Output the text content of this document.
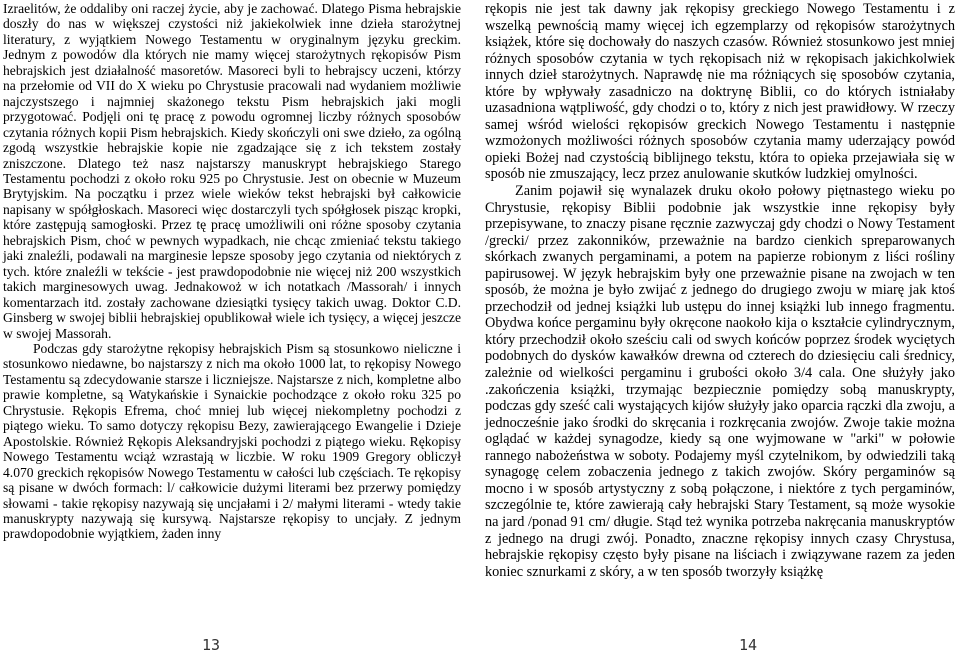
Izraelitów, że oddaliby oni raczej życie, aby je zachować. Dlatego Pisma hebrajskie doszły do nas w większej czystości niż jakiekolwiek inne dzieła starożytnej literatury, z wyjątkiem Nowego Testamentu w oryginalnym języku greckim. Jednym z powodów dla których nie mamy więcej starożytnych rękopisów Pism hebrajskich jest działalność masoretów. Masoreci byli to hebrajscy uczeni, którzy na przełomie od VII do X wieku po Chrystusie pracowali nad wydaniem możliwie najczystszego i najmniej skażonego tekstu Pism hebrajskich jaki mogli przygotować. Podjęli oni tę pracę z powodu ogromnej liczby różnych sposobów czytania różnych kopii Pism hebrajskich. Kiedy skończyli oni swe dzieło, za ogólną zgodą wszystkie hebrajskie kopie nie zgadzające się z ich tekstem zostały zniszczone. Dlatego też nasz najstarszy manuskrypt hebrajskiego Starego Testamentu pochodzi z około roku 925 po Chrystusie. Jest on obecnie w Muzeum Brytyjskim. Na początku i przez wiele wieków tekst hebrajski był całkowicie napisany w spółgłoskach. Masoreci więc dostarczyli tych spółgłosek pisząc kropki, które zastępują samogłoski. Przez tę pracę umożliwili oni różne sposoby czytania hebrajskich Pism, choć w pewnych wypadkach, nie chcąc zmieniać tekstu takiego jaki znaleźli, podawali na marginesie lepsze sposoby jego czytania od niektórych z tych. które znaleźli w tekście - jest prawdopodobnie nie więcej niż 200 wszystkich takich marginesowych uwag. Jednakowoż w ich notatkach /Massorah/ i innych komentarzach itd. zostały zachowane dziesiątki tysięcy takich uwag. Doktor C.D. Ginsberg w swojej biblii hebrajskiej opublikował wiele ich tysięcy, a więcej jeszcze w swojej Massorah.

Podczas gdy starożytne rękopisy hebrajskich Pism są stosunkowo nieliczne i stosunkowo niedawne, bo najstarszy z nich ma około 1000 lat, to rękopisy Nowego Testamentu są zdecydowanie starsze i liczniejsze. Najstarsze z nich, kompletne albo prawie kompletne, są Watykańskie i Synaickie pochodzące z około roku 325 po Chrystusie. Rękopis Efrema, choć mniej lub więcej niekompletny pochodzi z piątego wieku. To samo dotyczy rękopisu Bezy, zawierającego Ewangelie i Dzieje Apostolskie. Również Rękopis Aleksandryjski pochodzi z piątego wieku. Rękopisy Nowego Testamentu wciąż wzrastają w liczbie. W roku 1909 Gregory obliczył 4.070 greckich rękopisów Nowego Testamentu w całości lub częściach. Te rękopisy są pisane w dwóch formach: l/ całkowicie dużymi literami bez przerwy pomiędzy słowami - takie rękopisy nazywają się uncjałami i 2/ małymi literami - wtedy takie manuskrypty nazywają się kursywą. Najstarsze rękopisy to uncjały. Z jednym prawdopodobnie wyjątkiem, żaden inny

13

rękopis nie jest tak dawny jak rękopisy greckiego Nowego Testamentu i z wszelką pewnością mamy więcej ich egzemplarzy od rękopisów starożytnych książek, które się dochowały do naszych czasów. Również stosunkowo jest mniej różnych sposobów czytania w tych rękopisach niż w rękopisach jakichkolwiek innych dzieł starożytnych. Naprawdę nie ma różniących się sposobów czytania, które by wpływały zasadniczo na doktrynę Biblii, co do których istniałaby uzasadniona wątpliwość, gdy chodzi o to, który z nich jest prawidłowy. W rzeczy samej wśród wielości rękopisów greckich Nowego Testamentu i następnie wzmożonych możliwości różnych sposobów czytania mamy uderzający powód opieki Bożej nad czystością biblijnego tekstu, która to opieka przejawiała się w sposób nie zmuszający, lecz przez anulowanie skutków ludzkiej omylności.

Zanim pojawił się wynalazek druku około połowy piętnastego wieku po Chrystusie, rękopisy Biblii podobnie jak wszystkie inne rękopisy były przepisywane, to znaczy pisane ręcznie zazwyczaj gdy chodzi o Nowy Testament /grecki/ przez zakonników, przeważnie na bardzo cienkich spreparowanych skórkach zwanych pergaminami, a potem na papierze robionym z liści rośliny papirusowej. W język hebrajskim były one przeważnie pisane na zwojach w ten sposób, że można je było zwijać z jednego do drugiego zwoju w miarę jak ktoś przechodził od jednej książki lub ustępu do innej książki lub innego fragmentu. Obydwa końce pergaminu były okręcone naokoło kija o kształcie cylindrycznym, który przechodził około sześciu cali od swych końców poprzez środek wyciętych podobnych do dysków kawałków drewna od czterech do dziesięciu cali średnicy, zależnie od wielkości pergaminu i grubości około 3/4 cala. One służyły jako .zakończenia książki, trzymając bezpiecznie pomiędzy sobą manuskrypty, podczas gdy sześć cali wystających kijów służyły jako oparcia rączki dla zwoju, a jednocześnie jako środki do skręcania i rozkręcania zwojów. Zwoje takie można oglądać w każdej synagodze, kiedy są one wyjmowane w "arki" w połowie rannego nabożeństwa w soboty. Podajemy myśl czytelnikom, by odwiedzili taką synagogę celem zobaczenia jednego z takich zwojów. Skóry pergaminów są mocno i w sposób artystyczny z sobą połączone, i niektóre z tych pergaminów, szczególnie te, które zawierają cały hebrajski Stary Testament, są może wysokie na jard /ponad 91 cm/ długie. Stąd też wynika potrzeba nakręcania manuskryptów z jednego na drugi zwój. Ponadto, znaczne rękopisy innych czasy Chrystusa, hebrajskie rękopisy często były pisane na liściach i związywane razem za jeden koniec sznurkami z skóry, a w ten sposób tworzyły książkę

14
